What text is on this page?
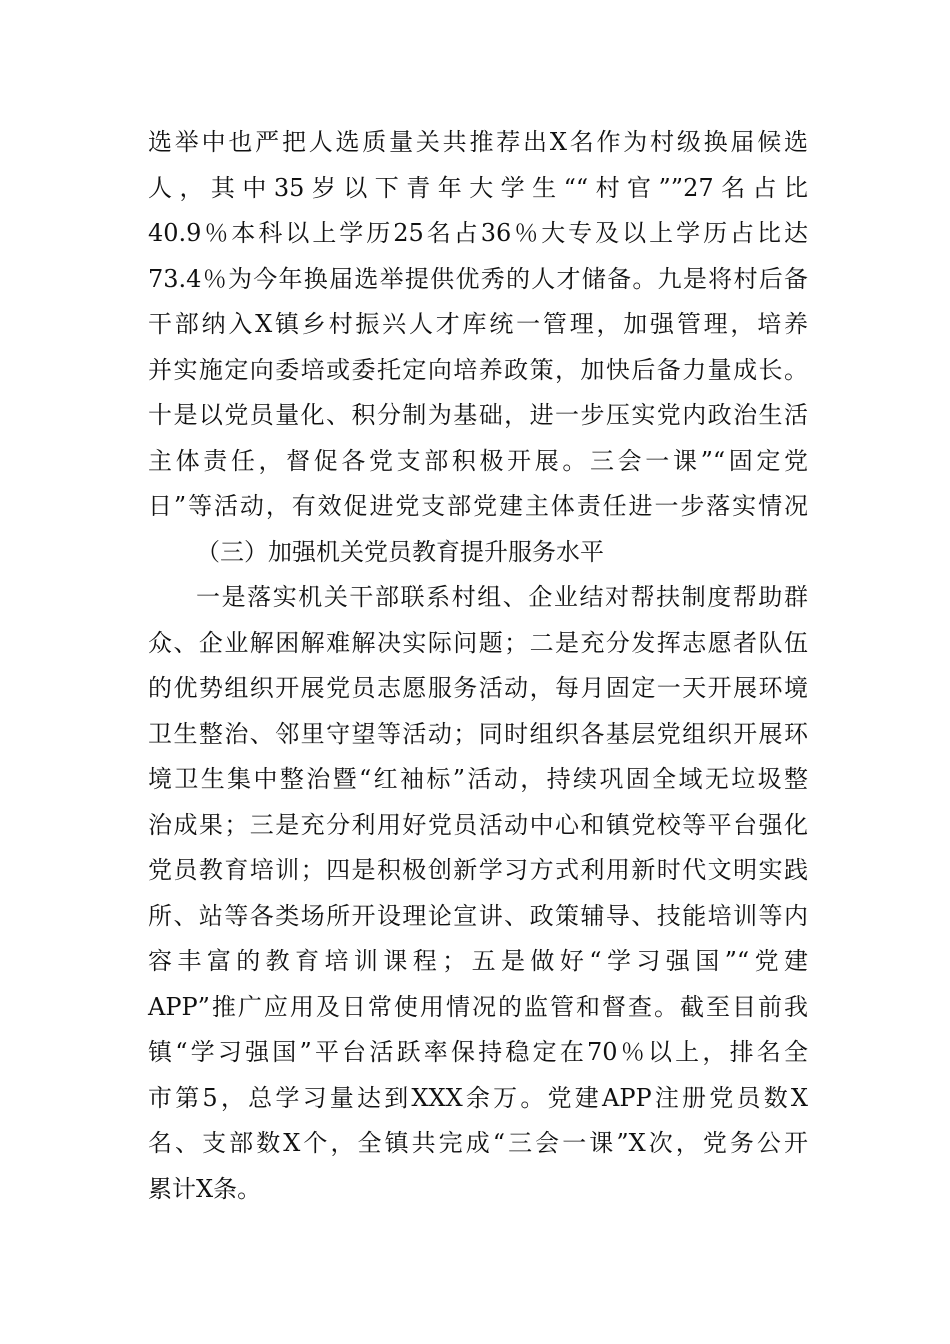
选举中也严把人选质量关共推荐出X名作为村级换届候选
人，其中35岁以下青年大学生““村官””27名占比
40.9％本科以上学历25名占36％大专及以上学历占比达
73.4％为今年换届选举提供优秀的人才储备。九是将村后备
干部纳入X镇乡村振兴人才库统一管理，加强管理，培养
并实施定向委培或委托定向培养政策，加快后备力量成长。
十是以党员量化、积分制为基础，进一步压实党内政治生活
主体责任，督促各党支部积极开展。三会一课”“固定党
日”等活动，有效促进党支部党建主体责任进一步落实情况
（三）加强机关党员教育提升服务水平
一是落实机关干部联系村组、企业结对帮扶制度帮助群
众、企业解困解难解决实际问题；二是充分发挥志愿者队伍
的优势组织开展党员志愿服务活动，每月固定一天开展环境
卫生整治、邻里守望等活动；同时组织各基层党组织开展环
境卫生集中整治暨“红袖标”活动，持续巩固全域无垃圾整
治成果；三是充分利用好党员活动中心和镇党校等平台强化
党员教育培训；四是积极创新学习方式利用新时代文明实践
所、站等各类场所开设理论宣讲、政策辅导、技能培训等内
容丰富的教育培训课程；五是做好“学习强国”“党建
APP”推广应用及日常使用情况的监管和督查。截至目前我
镇“学习强国”平台活跃率保持稳定在70％以上，排名全
市第5，总学习量达到XXX余万。党建APP注册党员数X
名、支部数X个，全镇共完成“三会一课”X次，党务公开
累计X条。
